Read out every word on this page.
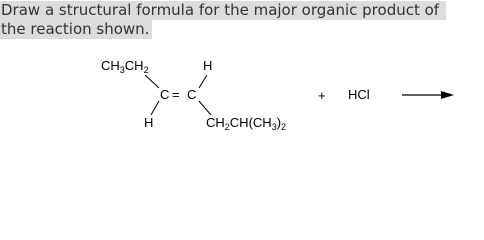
Draw a structural formula for the major organic product of
the reaction shown.
$CH_3CH_2$	H
C = C
H	$CH_2CH(CH_3)_2$
+ HCl
